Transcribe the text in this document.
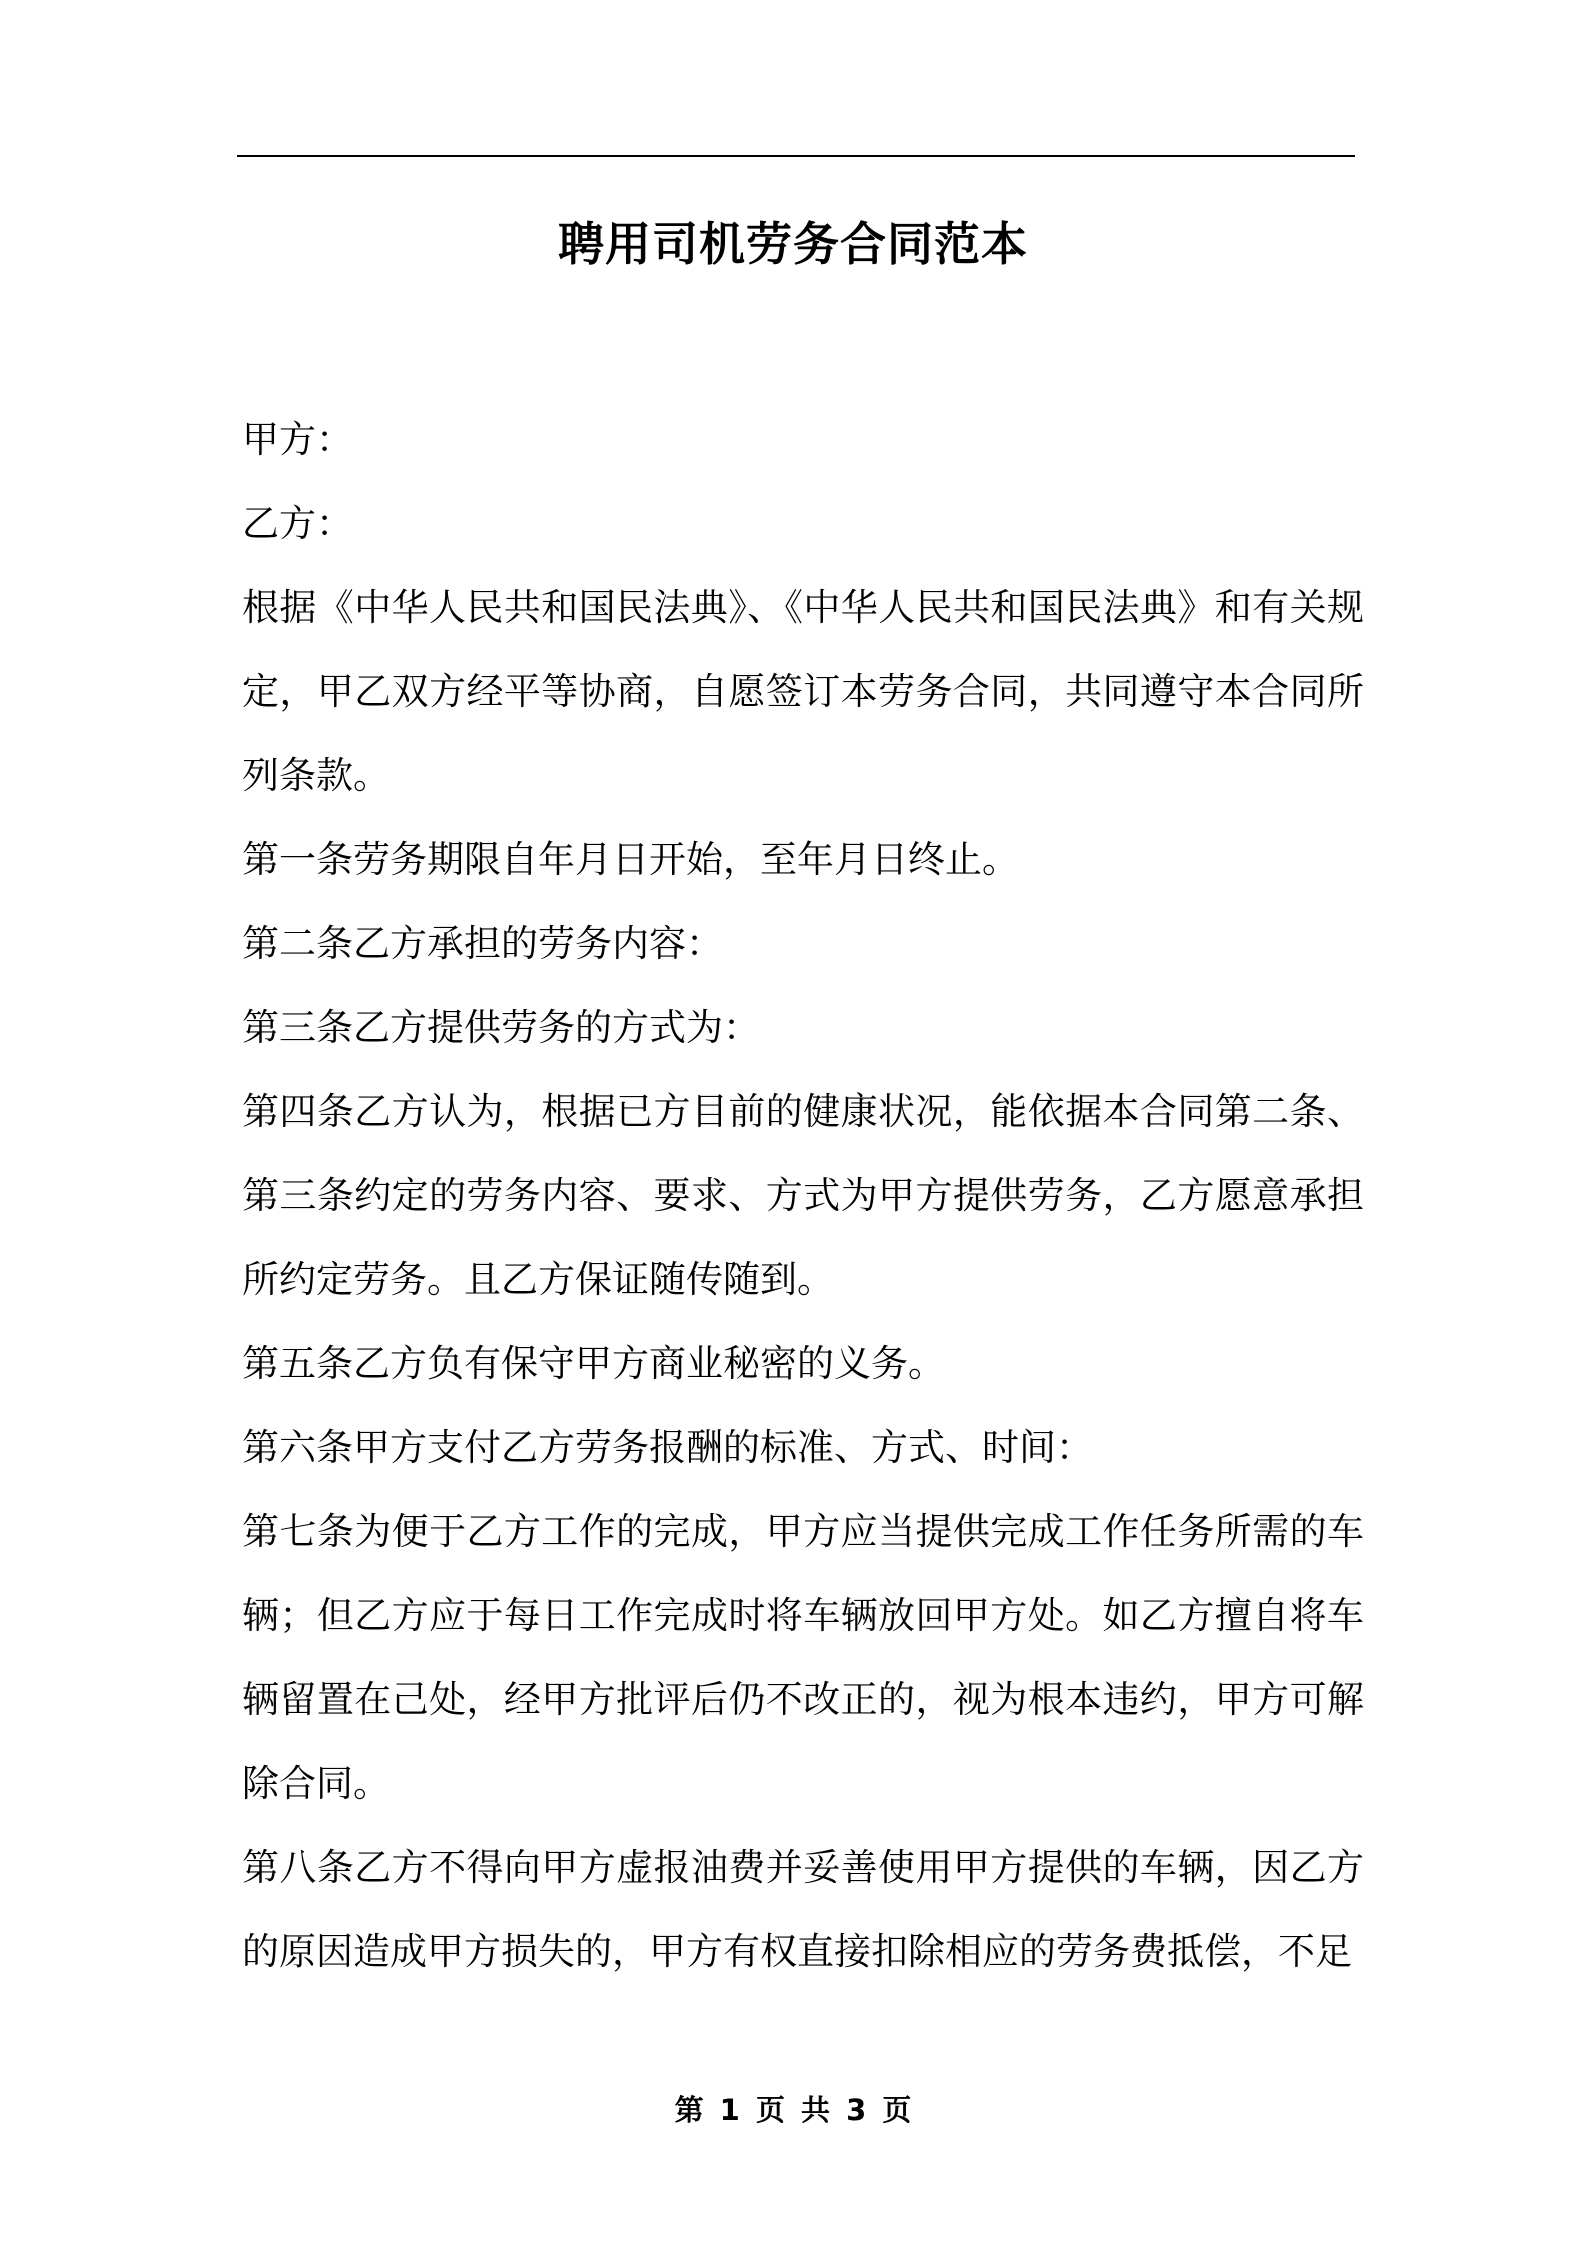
聘用司机劳务合同范本

甲方：

乙方：

根据《中华人民共和国民法典》、《中华人民共和国民法典》和有关规定，甲乙双方经平等协商，自愿签订本劳务合同，共同遵守本合同所列条款。

第一条劳务期限自年月日开始，至年月日终止。

第二条乙方承担的劳务内容：

第三条乙方提供劳务的方式为：

第四条乙方认为，根据已方目前的健康状况，能依据本合同第二条、第三条约定的劳务内容、要求、方式为甲方提供劳务，乙方愿意承担所约定劳务。且乙方保证随传随到。

第五条乙方负有保守甲方商业秘密的义务。

第六条甲方支付乙方劳务报酬的标准、方式、时间：

第七条为便于乙方工作的完成，甲方应当提供完成工作任务所需的车辆；但乙方应于每日工作完成时将车辆放回甲方处。如乙方擅自将车辆留置在己处，经甲方批评后仍不改正的，视为根本违约，甲方可解除合同。

第八条乙方不得向甲方虚报油费并妥善使用甲方提供的车辆，因乙方的原因造成甲方损失的，甲方有权直接扣除相应的劳务费抵偿，不足

第 1 页 共 3 页
